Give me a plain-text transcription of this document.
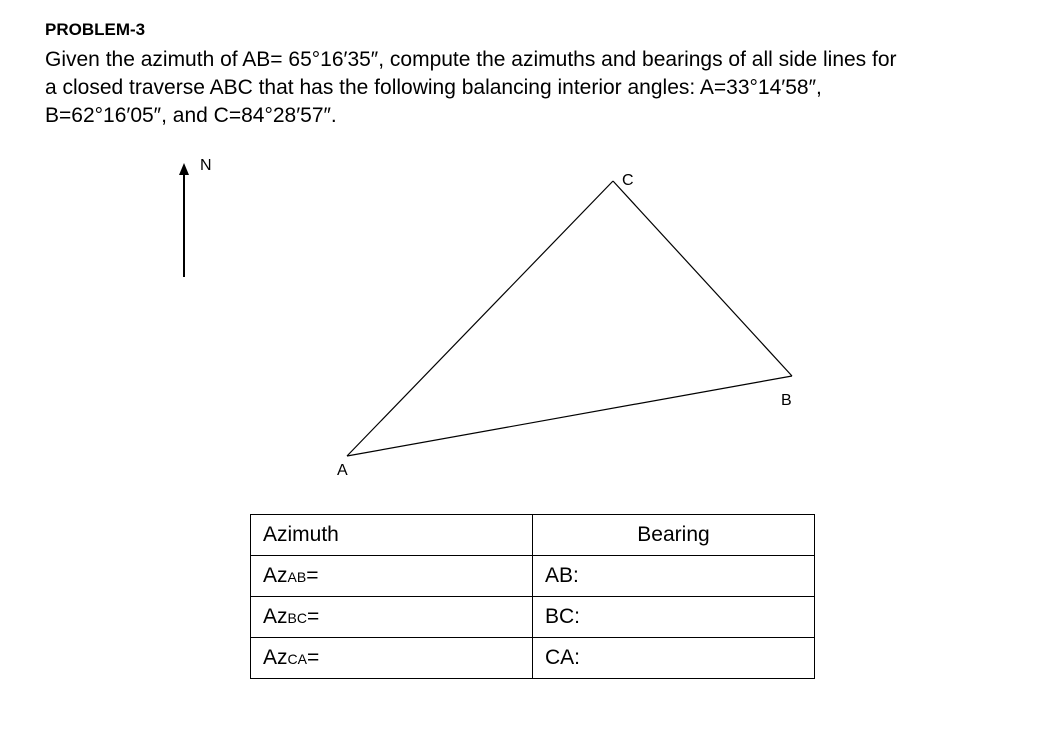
PROBLEM-3
Given the azimuth of AB= 65°16′35″, compute the azimuths and bearings of all side lines for
a closed traverse ABC that has the following balancing interior angles: A=33°14′58″,
B=62°16′05″, and C=84°28′57″.
N
A
B
C
Azimuth	Bearing
AzAB=	AB:
AzBC=	BC:
AzCA=	CA:
